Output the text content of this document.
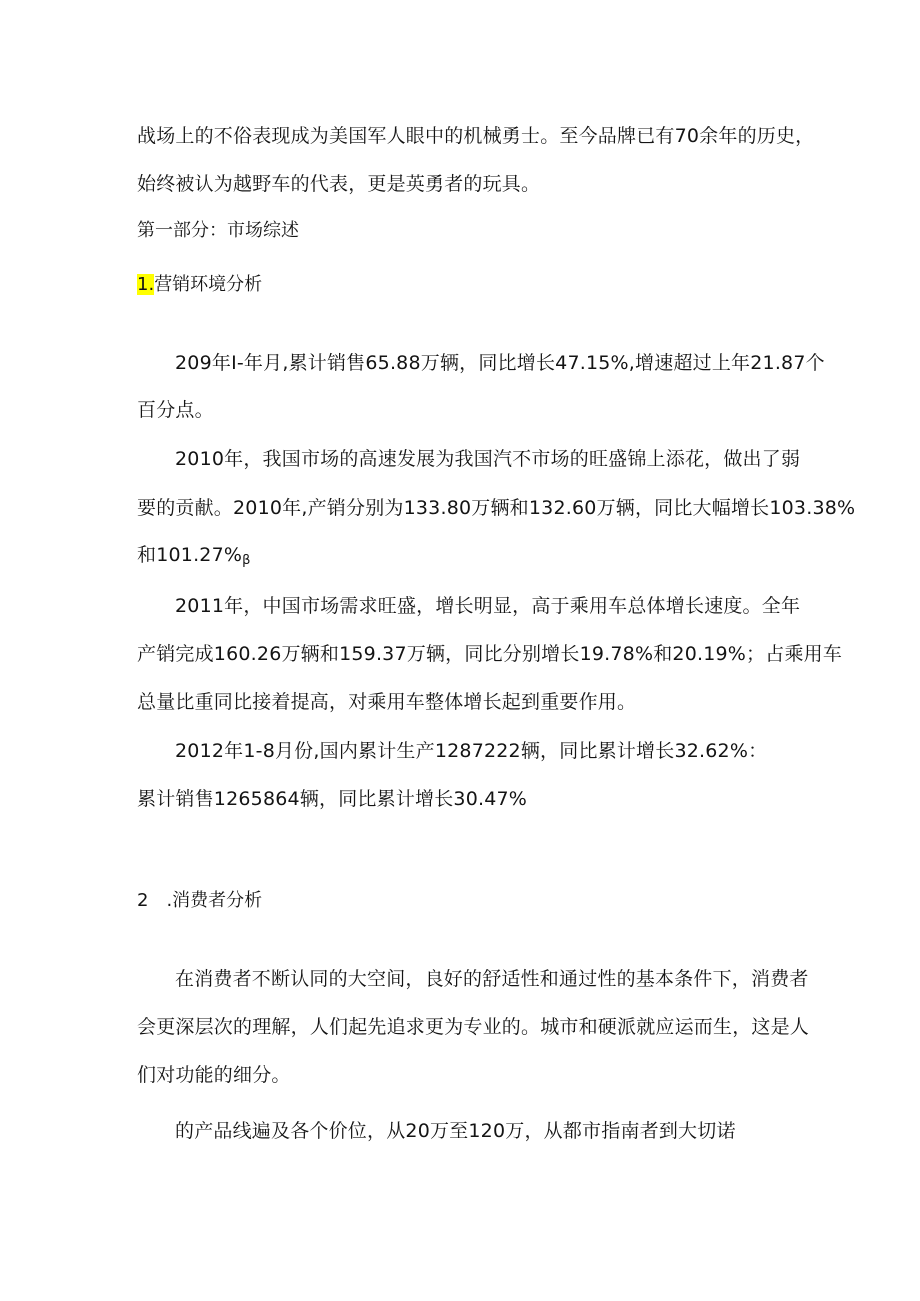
战场上的不俗表现成为美国军人眼中的机械勇士。至今品牌已有70余年的历史，
始终被认为越野车的代表，更是英勇者的玩具。
第一部分：市场综述
1.营销环境分析
209年I-年月,累计销售65.88万辆，同比增长47.15%,增速超过上年21.87个
百分点。
2010年，我国市场的高速发展为我国汽不市场的旺盛锦上添花，做出了弱
要的贡献。2010年,产销分别为133.80万辆和132.60万辆，同比大幅增长103.38%
和$101.27\%_\beta$
2011年，中国市场需求旺盛，增长明显，高于乘用车总体增长速度。全年
产销完成160.26万辆和159.37万辆，同比分别增长19.78%和20.19%；占乘用车
总量比重同比接着提高，对乘用车整体增长起到重要作用。
2012年1-8月份,国内累计生产1287222辆，同比累计增长32.62%：
累计销售1265864辆，同比累计增长30.47%
2　.消费者分析
在消费者不断认同的大空间，良好的舒适性和通过性的基本条件下，消费者
会更深层次的理解，人们起先追求更为专业的。城市和硬派就应运而生，这是人
们对功能的细分。
的产品线遍及各个价位，从20万至120万，从都市指南者到大切诺
